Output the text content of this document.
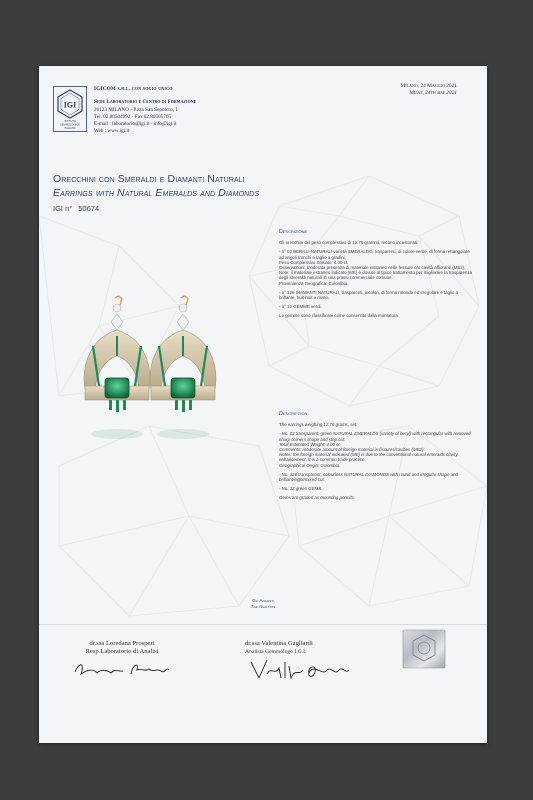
IGI
ISTITUTO
GEMMOLOGICO
ITALIANO
IGICOM s.r.l. con socio unico
Sede Laboratorio e Centro di Formazione
20123 MILANO - P.zza San Sepolcro, 1
Tel. 02.80504992 - Fax 02.80505765
E-mail : laboratorio@igi.it - info@igi.it
Web : www.igi.it
Milano, 24 Maggio 2021
Milan, 24th may 2021
Orecchini con Smeraldi e Diamanti Naturali
Earrings with Natural Emeralds and Diamonds
IGI n° 50674
Descrizione

Gli orecchini del peso complessivo di 12.76 grammi, recano incastonati:

- n° 02 BERILLI NATURALI varietà SMERALDO, trasparenti, di colore verde, di forma rettangolare ad angoli tronchi e taglio a gradini.
Peso Complessivo Stimato: 4.00 ct.
Osservazioni: moderata presenza di materiale estraneo nelle fessure e/o cavità affioranti (ME2).
Note: il materiale estraneo indicato (ME) è dovuto al tipico trattamento per migliorare la trasparenza degli smeraldi naturali. È una prassi commerciale comune.

Provenienza Geografica: Colombia.

- n° 126 DIAMANTI NATURALI, trasparenti, incolori, di forma rotonda ed irregolare e taglio a brillante, huit-huit e misto.

- n° 12 GEMME verdi.

Le gemme sono classificate come consentito dalla montatura.

Description

The earrings weighing 12.76 grams, set:

- No. 02 transparent, green NATURAL EMERALDS (variety of beryl) with rectangular with removed sharp corners shape and step cut.
Total Estimated Weight: 4.00 ct.
Comments: moderate amount of foreign material in fissures/cavities (ME2).
Notes: the foreign material indicated (ME) is due to the conventional natural emeralds clarity enhancement. It is a common trade practice.

Geographical Origin: Colombia.

- No. 126 transparent, colourless NATURAL DIAMONDS with round and irregular shape and brilliant/eight/mixed cut.

- No. 12 green GEMS.

Gems are graded as mounting permits.

Gli Analisti
The Analysts
dr.ssa Loredana Prosperi
Resp.Laboratorio di Analisi
dr.ssa Valentina Gagliardi
Analista Gemmologo I.G.I.
